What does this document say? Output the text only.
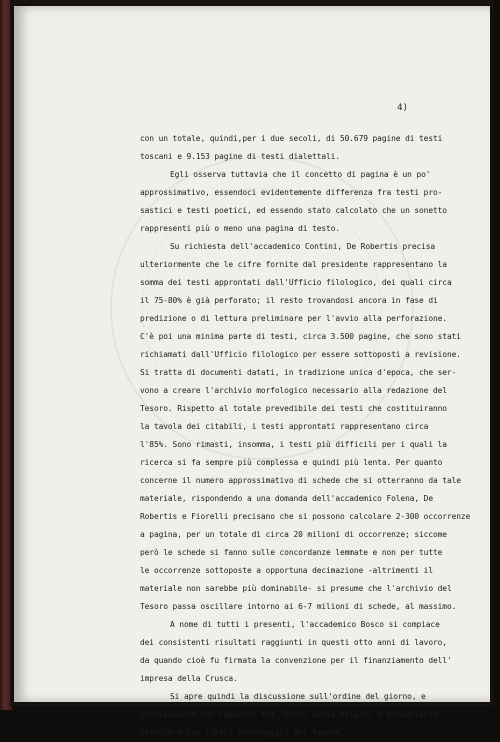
4)
con un totale, quindi,per i due secoli, di 50.679 pagine di testi
toscani e 9.153 pagine di testi dialettali.
Egli osserva tuttavia che il concetto di pagina è un po'
approssimativo, essendoci evidentemente differenza fra testi pro-
sastici e testi poetici, ed essendo stato calcolato che un sonetto
rappresenti più o meno una pagina di testo.
Su richiesta dell'accademico Contini, De Robertis precisa
ulteriormente che le cifre fornite dal presidente rappresentano la
somma dei testi approntati dall'Ufficio filologico, dei quali circa
il 75-80% è già perforato; il resto trovandosi ancora in fase di
predizione o di lettura preliminare per l'avvio alla perforazione.
C'è poi una minima parte di testi, circa 3.500 pagine, che sono stati
richiamati dall'Ufficio filologico per essere sottoposti a revisione.
Si tratta di documenti datati, in tradizione unica d'epoca, che ser-
vono a creare l'archivio morfologico necessario alla redazione del
Tesoro. Rispetto al totale prevedibile dei testi che costituiranno
la tavola dei citabili, i testi approntati rappresentano circa
l'85%. Sono rimasti, insomma, i testi più difficili per i quali la
ricerca si fa sempre più complessa e quindi più lenta. Per quanto
concerne il numero approssimativo di schede che si otterranno da tale
materiale, rispondendo a una domanda dell'accademico Folena, De
Robertis e Fiorelli precisano che si possono calcolare 2-300 occorrenze
a pagina, per un totale di circa 20 milioni di occorrenze; siccome
però le schede si fanno sulle concordanze lemmate e non per tutte
le occorrenze sottoposte a opportuna decimazione -altrimenti il
materiale non sarebbe più dominabile- si presume che l'archivio del
Tesoro passa oscillare intorno ai 6-7 milioni di schede, al massimo.
A nome di tutti i presenti, l'accademico Bosco si compiace
dei consistenti risultati raggiunti in questi otto anni di lavoro,
da quando cioè fu firmata la convenzione per il finanziamento dell'
impresa della Crusca.
Si apre quindi la discussione sull'ordine del giorno, e
precisamente sui rapporti fra Tesoro delle origini e Vocabolario
storico e sui limiti cronologici del Tesoro.
